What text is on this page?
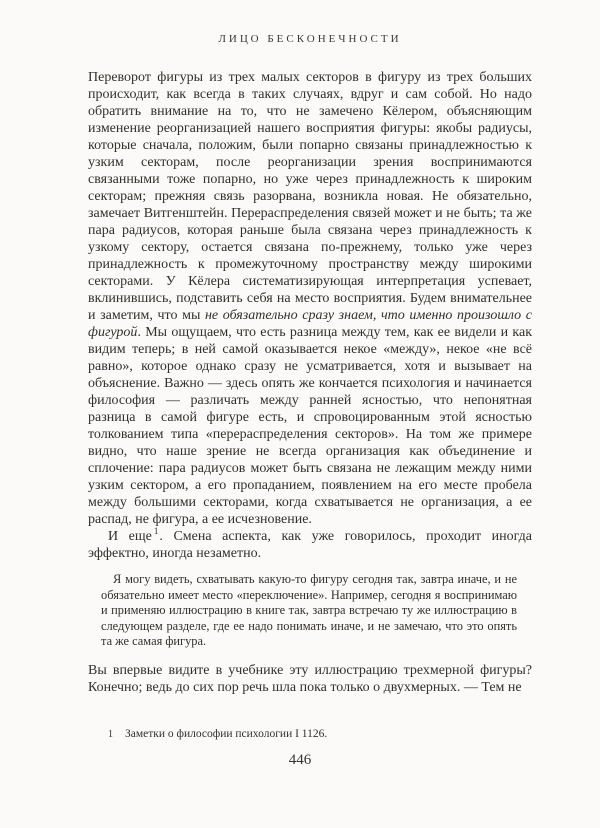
ЛИЦО БЕСКОНЕЧНОСТИ

Переворот фигуры из трех малых секторов в фигуру из трех больших происходит, как всегда в таких случаях, вдруг и сам собой. Но надо обратить внимание на то, что не замечено Кёлером, объясняющим изменение реорганизацией нашего восприятия фигуры: якобы радиусы, которые сначала, положим, были попарно связаны принадлежностью к узким секторам, после реорганизации зрения воспринимаются связанными тоже попарно, но уже через принадлежность к широким секторам; прежняя связь разорвана, возникла новая. Не обязательно, замечает Витгенштейн. Перераспределения связей может и не быть; та же пара радиусов, которая раньше была связана через принадлежность к узкому сектору, остается связана по-прежнему, только уже через принадлежность к промежуточному пространству между широкими секторами. У Кёлера систематизирующая интерпретация успевает, вклинившись, подставить себя на место восприятия. Будем внимательнее и заметим, что мы не обязательно сразу знаем, что именно произошло с фигурой. Мы ощущаем, что есть разница между тем, как ее видели и как видим теперь; в ней самой оказывается некое «между», некое «не всё равно», которое однако сразу не усматривается, хотя и вызывает на объяснение. Важно — здесь опять же кончается психология и начинается философия — различать между ранней ясностью, что непонятная разница в самой фигуре есть, и спровоцированным этой ясностью толкованием типа «перераспределения секторов». На том же примере видно, что наше зрение не всегда организация как объединение и сплочение: пара радиусов может быть связана не лежащим между ними узким сектором, а его пропаданием, появлением на его месте пробела между большими секторами, когда схватывается не организация, а ее распад, не фигура, а ее исчезновение.

И еще $^1$. Смена аспекта, как уже говорилось, проходит иногда эффектно, иногда незаметно.

Я могу видеть, схватывать какую-то фигуру сегодня так, завтра иначе, и не обязательно имеет место «переключение». Например, сегодня я воспринимаю и применяю иллюстрацию в книге так, завтра встречаю ту же иллюстрацию в следующем разделе, где ее надо понимать иначе, и не замечаю, что это опять та же самая фигура.

Вы впервые видите в учебнике эту иллюстрацию трехмерной фигуры? Конечно; ведь до сих пор речь шла пока только о двухмерных. — Тем не

1 Заметки о философии психологии I 1126.
446
